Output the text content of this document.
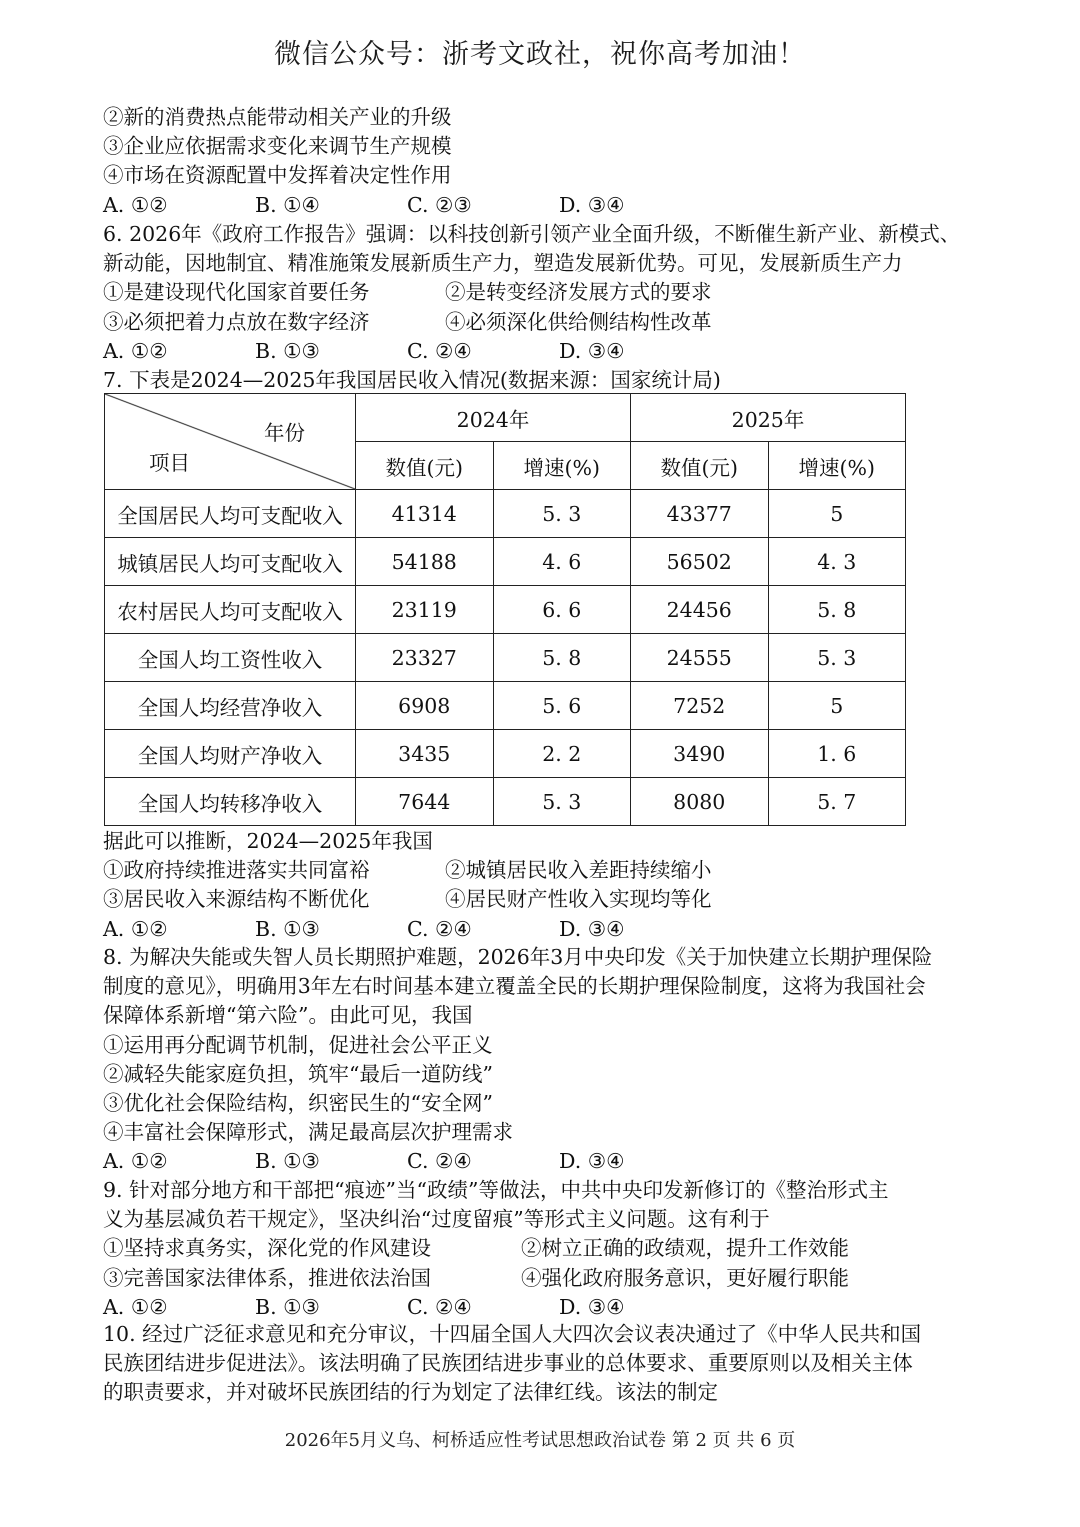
微信公众号：浙考文政社，祝你高考加油！
②新的消费热点能带动相关产业的升级
③企业应依据需求变化来调节生产规模
④市场在资源配置中发挥着决定性作用
A. ①②	B. ①④	C. ②③	D. ③④
6. 2026年《政府工作报告》强调：以科技创新引领产业全面升级，不断催生新产业、新模式、
新动能，因地制宜、精准施策发展新质生产力，塑造发展新优势。可见，发展新质生产力
①是建设现代化国家首要任务	②是转变经济发展方式的要求
③必须把着力点放在数字经济	④必须深化供给侧结构性改革
A. ①②	B. ①③	C. ②④	D. ③④
7. 下表是2024—2025年我国居民收入情况(数据来源：国家统计局)
年份
项目	2024年		2025年	
	数值(元)	增速(%)	数值(元)	增速(%)
全国居民人均可支配收入	41314	5. 3	43377	5
城镇居民人均可支配收入	54188	4. 6	56502	4. 3
农村居民人均可支配收入	23119	6. 6	24456	5. 8
全国人均工资性收入	23327	5. 8	24555	5. 3
全国人均经营净收入	6908	5. 6	7252	5
全国人均财产净收入	3435	2. 2	3490	1. 6
全国人均转移净收入	7644	5. 3	8080	5. 7
据此可以推断，2024—2025年我国
①政府持续推进落实共同富裕	②城镇居民收入差距持续缩小
③居民收入来源结构不断优化	④居民财产性收入实现均等化
A. ①②	B. ①③	C. ②④	D. ③④
8. 为解决失能或失智人员长期照护难题，2026年3月中央印发《关于加快建立长期护理保险
制度的意见》，明确用3年左右时间基本建立覆盖全民的长期护理保险制度，这将为我国社会
保障体系新增“第六险”。由此可见，我国
①运用再分配调节机制，促进社会公平正义
②减轻失能家庭负担，筑牢“最后一道防线”
③优化社会保险结构，织密民生的“安全网”
④丰富社会保障形式，满足最高层次护理需求
A. ①②	B. ①③	C. ②④	D. ③④
9. 针对部分地方和干部把“痕迹”当“政绩”等做法，中共中央印发新修订的《整治形式主
义为基层减负若干规定》，坚决纠治“过度留痕”等形式主义问题。这有利于
①坚持求真务实，深化党的作风建设	②树立正确的政绩观，提升工作效能
③完善国家法律体系，推进依法治国	④强化政府服务意识，更好履行职能
A. ①②	B. ①③	C. ②④	D. ③④
10. 经过广泛征求意见和充分审议，十四届全国人大四次会议表决通过了《中华人民共和国
民族团结进步促进法》。该法明确了民族团结进步事业的总体要求、重要原则以及相关主体
的职责要求，并对破坏民族团结的行为划定了法律红线。该法的制定
2026年5月义乌、柯桥适应性考试思想政治试卷 第 2 页 共 6 页
